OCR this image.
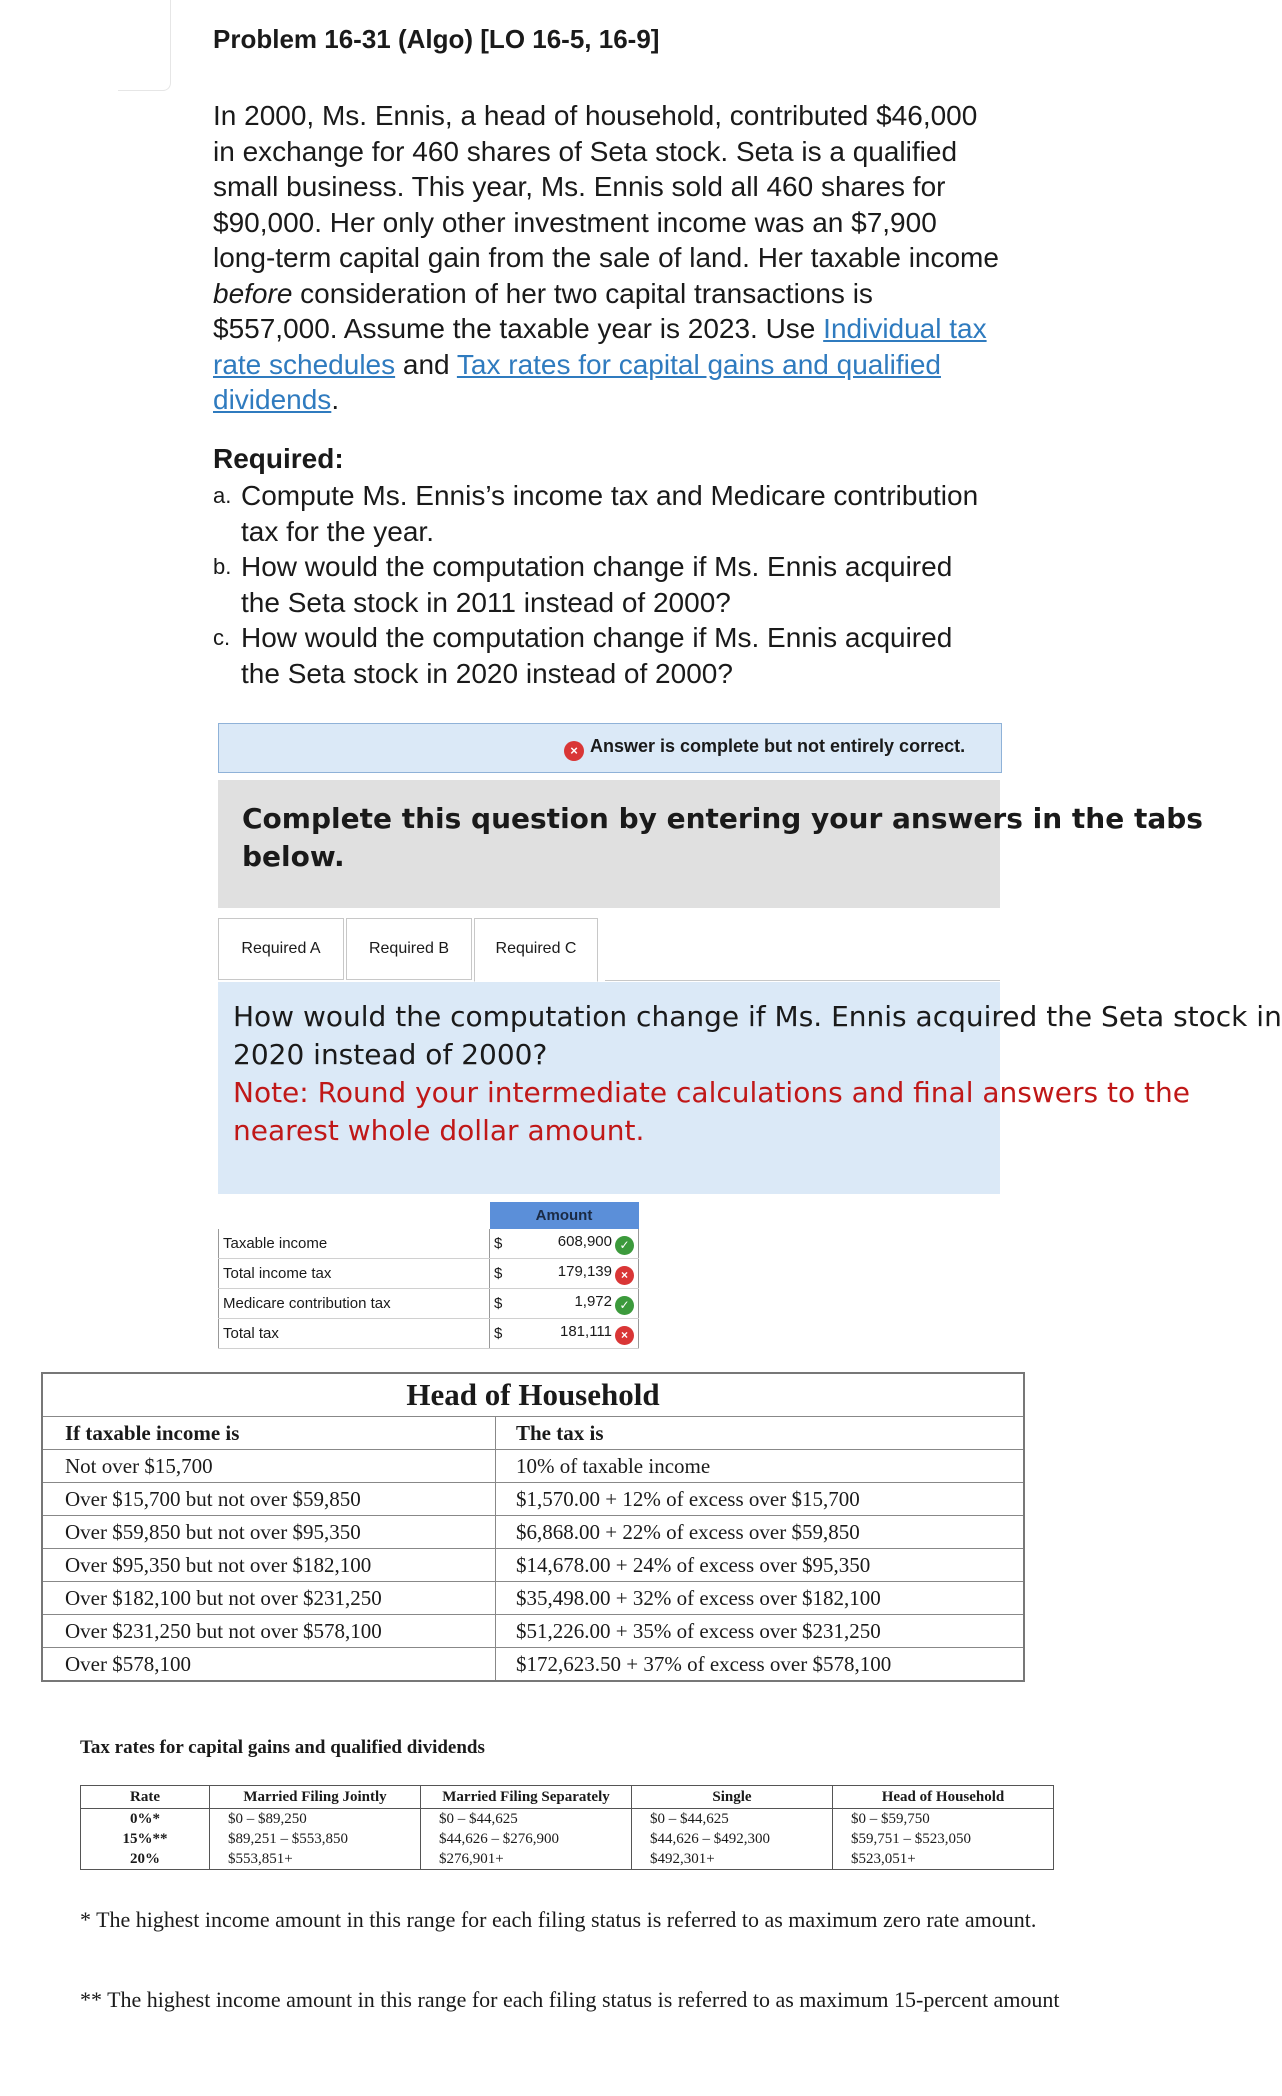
Problem 16-31 (Algo) [LO 16-5, 16-9]
In 2000, Ms. Ennis, a head of household, contributed $46,000 in exchange for 460 shares of Seta stock. Seta is a qualified small business. This year, Ms. Ennis sold all 460 shares for $90,000. Her only other investment income was an $7,900 long-term capital gain from the sale of land. Her taxable income before consideration of her two capital transactions is $557,000. Assume the taxable year is 2023. Use Individual tax rate schedules and Tax rates for capital gains and qualified dividends.
Required:
a. Compute Ms. Ennis’s income tax and Medicare contribution tax for the year.
b. How would the computation change if Ms. Ennis acquired the Seta stock in 2011 instead of 2000?
c. How would the computation change if Ms. Ennis acquired the Seta stock in 2020 instead of 2000?
× Answer is complete but not entirely correct.
Complete this question by entering your answers in the tabs
below.
Required A	Required B	Required C
How would the computation change if Ms. Ennis acquired the Seta stock in
2020 instead of 2000?
Note: Round your intermediate calculations and final answers to the
nearest whole dollar amount.
	Amount	
Taxable income	$	608,900 ✓
Total income tax	$	179,139 ×
Medicare contribution tax	$	1,972 ✓
Total tax	$	181,111 ×
Head of Household	
If taxable income is	The tax is
Not over $15,700	10% of taxable income
Over $15,700 but not over $59,850	$1,570.00 + 12% of excess over $15,700
Over $59,850 but not over $95,350	$6,868.00 + 22% of excess over $59,850
Over $95,350 but not over $182,100	$14,678.00 + 24% of excess over $95,350
Over $182,100 but not over $231,250	$35,498.00 + 32% of excess over $182,100
Over $231,250 but not over $578,100	$51,226.00 + 35% of excess over $231,250
Over $578,100	$172,623.50 + 37% of excess over $578,100
Tax rates for capital gains and qualified dividends
Rate	Married Filing Jointly	Married Filing Separately	Single	Head of Household
0%*	$0 – $89,250	$0 – $44,625	$0 – $44,625	$0 – $59,750
15%**	$89,251 – $553,850	$44,626 – $276,900	$44,626 – $492,300	$59,751 – $523,050
20%	$553,851+	$276,901+	$492,301+	$523,051+
* The highest income amount in this range for each filing status is referred to as maximum zero rate amount.
** The highest income amount in this range for each filing status is referred to as maximum 15-percent amount
